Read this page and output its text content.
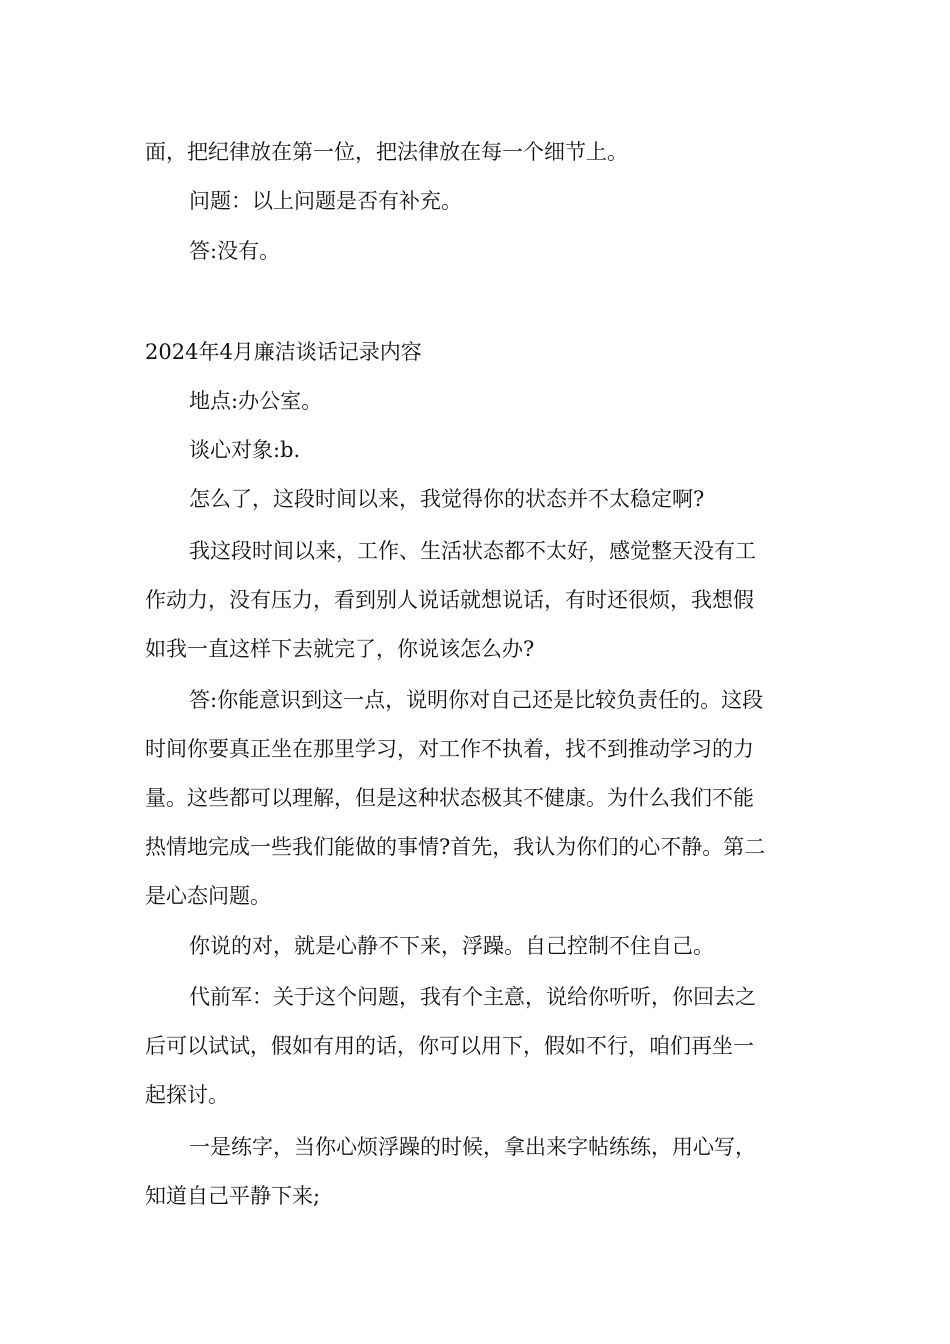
面，把纪律放在第一位，把法律放在每一个细节上。
问题：以上问题是否有补充。
答:没有。
2024年4月廉洁谈话记录内容
地点:办公室。
谈心对象:b.
怎么了，这段时间以来，我觉得你的状态并不太稳定啊?
我这段时间以来，工作、生活状态都不太好，感觉整天没有工
作动力，没有压力，看到别人说话就想说话，有时还很烦，我想假
如我一直这样下去就完了，你说该怎么办?
答:你能意识到这一点，说明你对自己还是比较负责任的。这段
时间你要真正坐在那里学习，对工作不执着，找不到推动学习的力
量。这些都可以理解，但是这种状态极其不健康。为什么我们不能
热情地完成一些我们能做的事情?首先，我认为你们的心不静。第二
是心态问题。
你说的对，就是心静不下来，浮躁。自己控制不住自己。
代前军：关于这个问题，我有个主意，说给你听听，你回去之
后可以试试，假如有用的话，你可以用下，假如不行，咱们再坐一
起探讨。
一是练字，当你心烦浮躁的时候，拿出来字帖练练，用心写，
知道自己平静下来;
